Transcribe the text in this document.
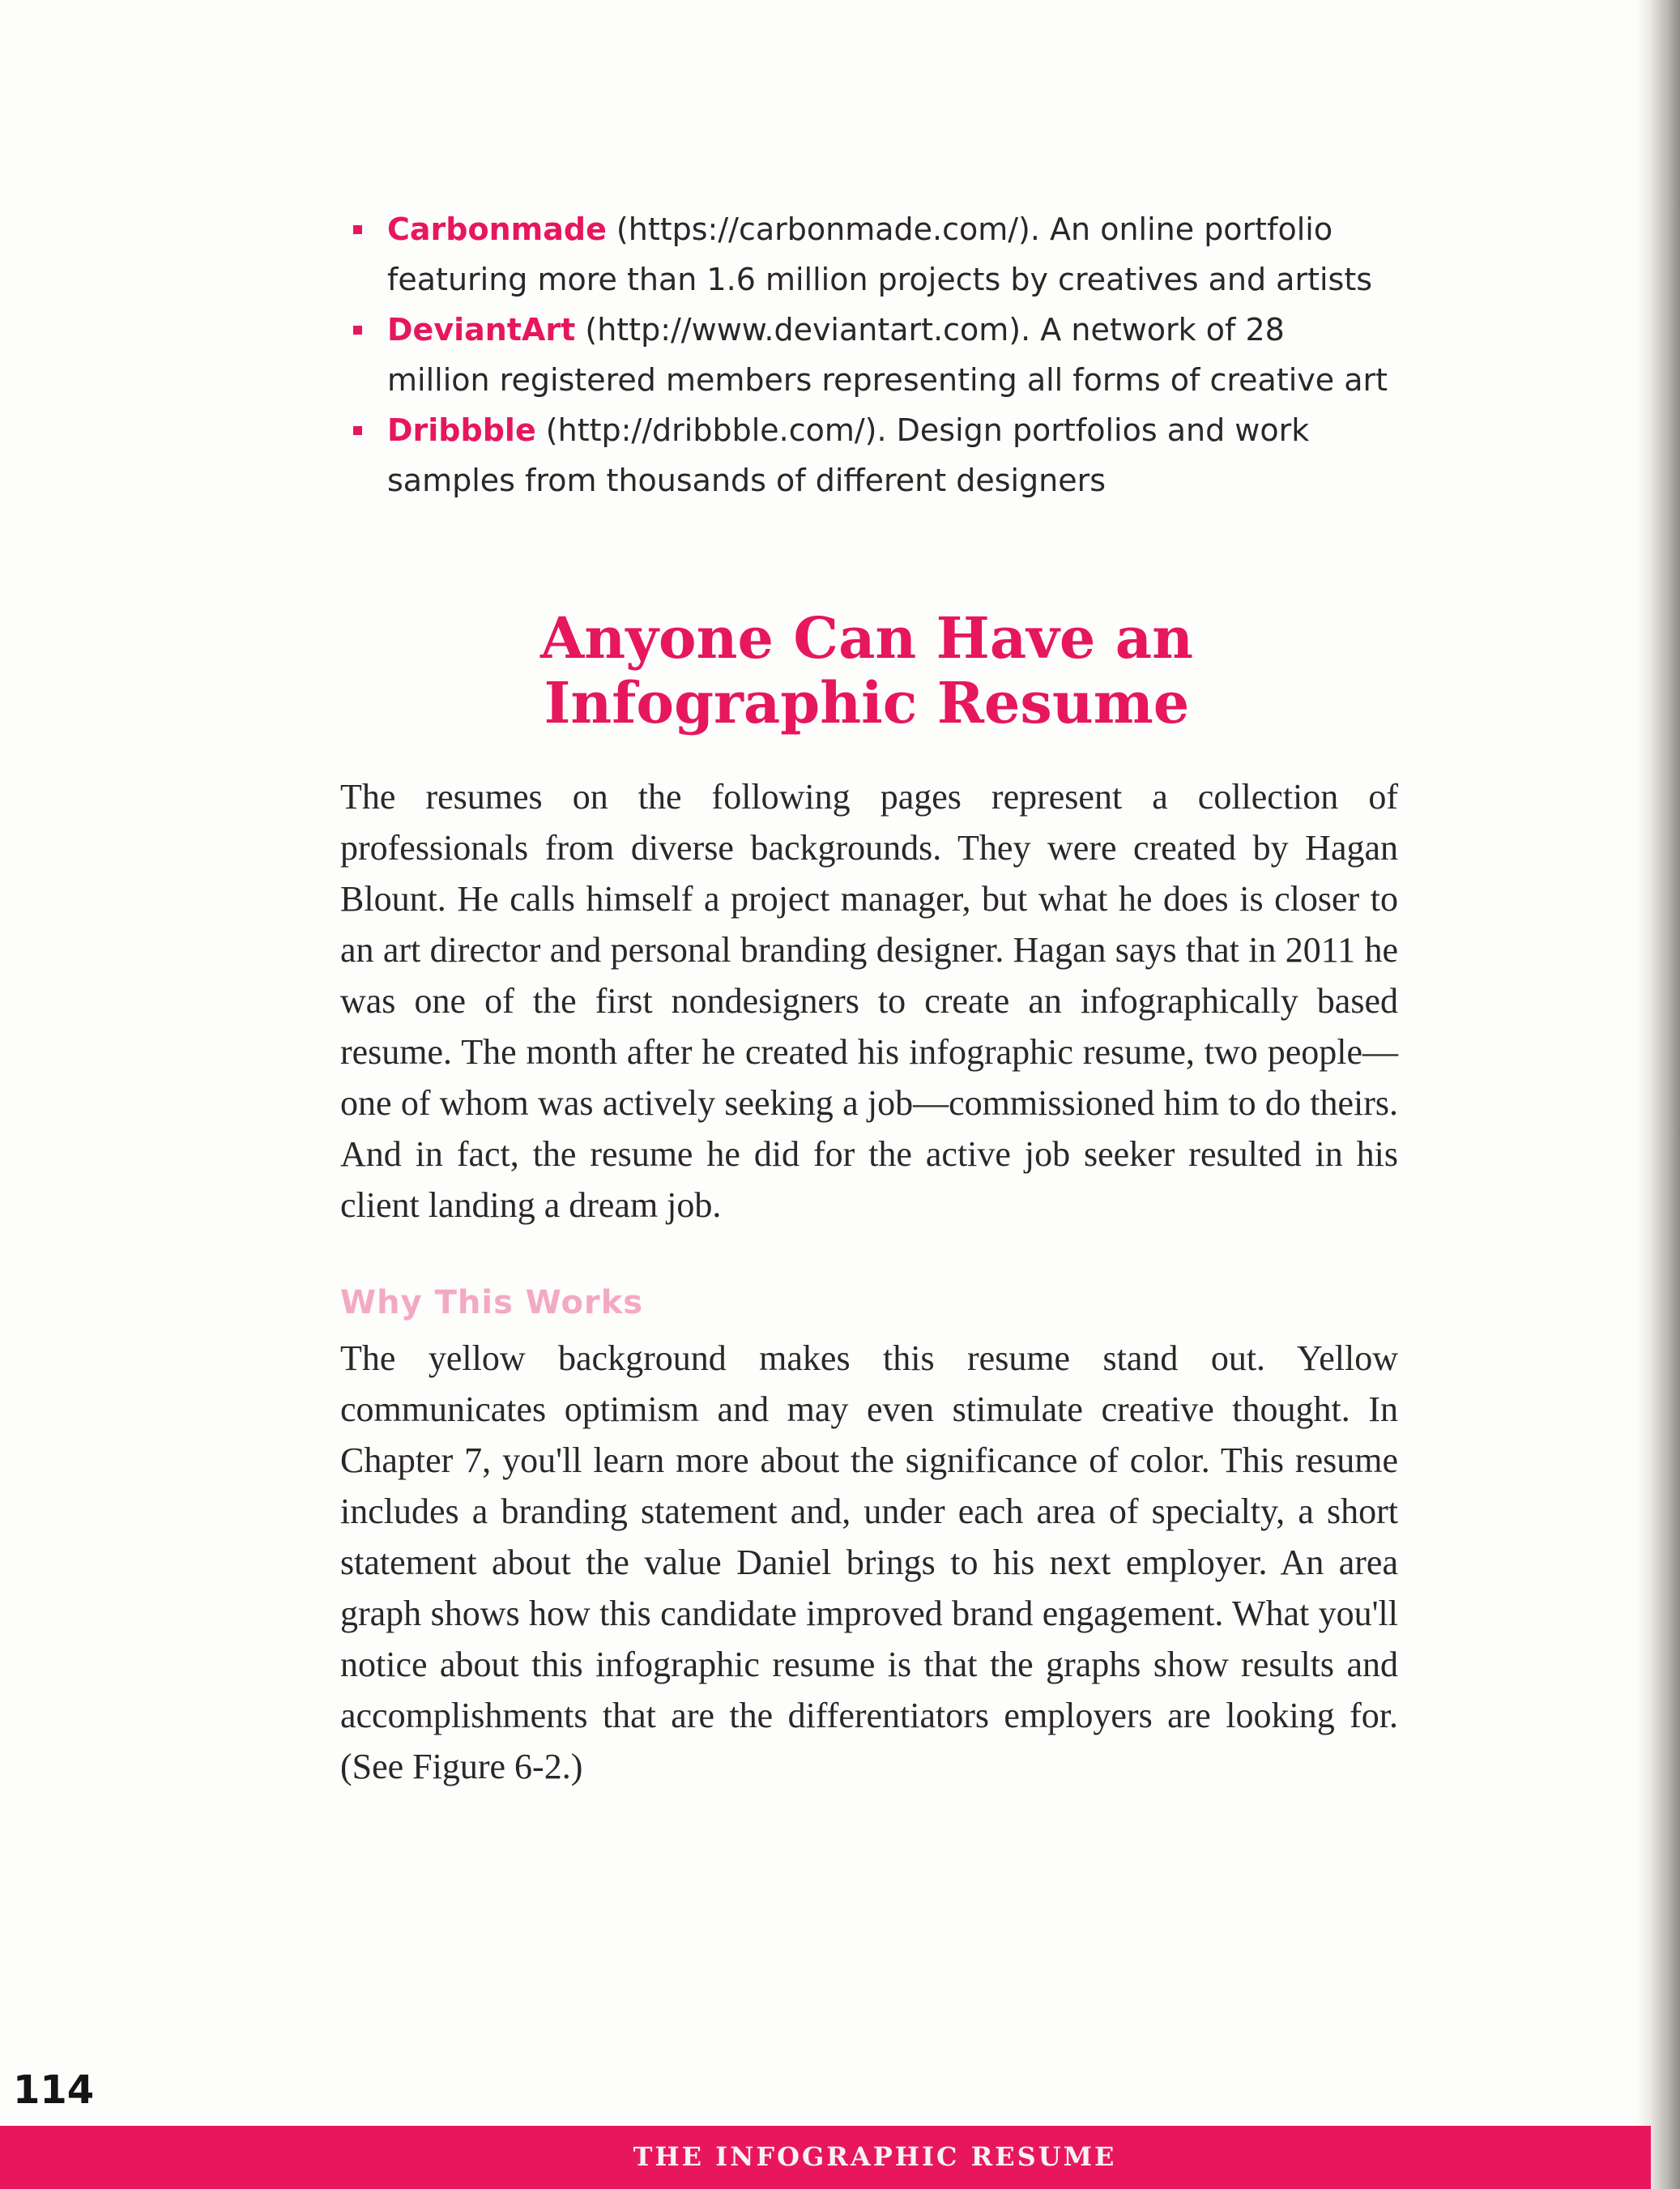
Carbonmade (https://carbonmade.com/). An online portfolio featuring more than 1.6 million projects by creatives and artists
DeviantArt (http://www.deviantart.com). A network of 28 million registered members representing all forms of creative art
Dribbble (http://dribbble.com/). Design portfolios and work samples from thousands of different designers
Anyone Can Have an
Infographic Resume

The resumes on the following pages represent a collection of professionals from diverse backgrounds. They were created by Hagan Blount. He calls himself a project manager, but what he does is closer to an art director and personal branding designer. Hagan says that in 2011 he was one of the first nondesigners to create an infographically based resume. The month after he created his infographic resume, two people—one of whom was actively seeking a job—commissioned him to do theirs. And in fact, the resume he did for the active job seeker resulted in his client landing a dream job.

Why This Works

The yellow background makes this resume stand out. Yellow communicates optimism and may even stimulate creative thought. In Chapter 7, you'll learn more about the significance of color. This resume includes a branding statement and, under each area of specialty, a short statement about the value Daniel brings to his next employer. An area graph shows how this candidate improved brand engagement. What you'll notice about this infographic resume is that the graphs show results and accomplishments that are the differentiators employers are looking for. (See Figure 6-2.)

114
THE INFOGRAPHIC RESUME
